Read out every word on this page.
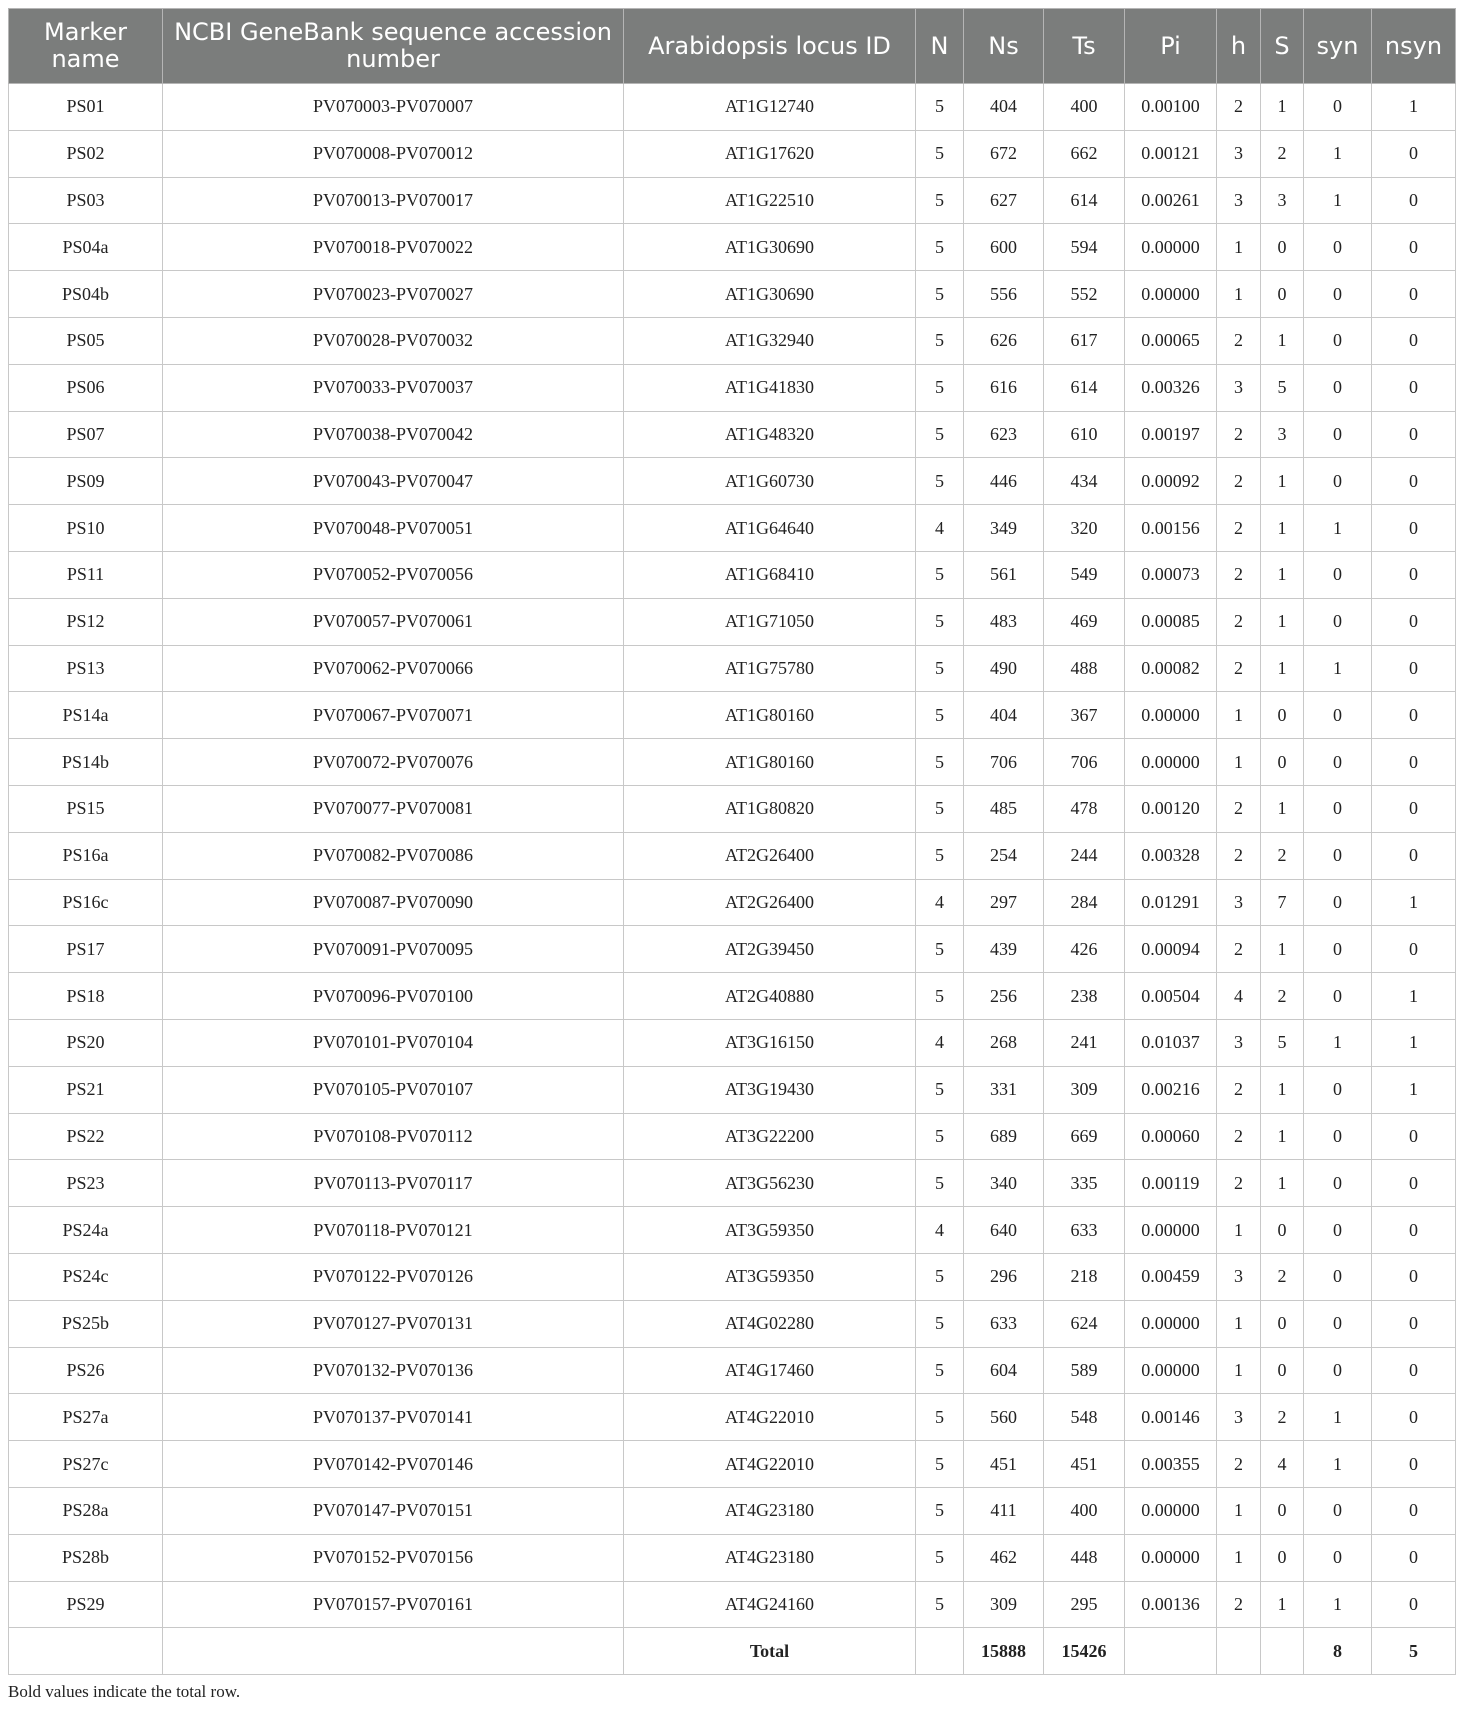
Marker name	NCBI GeneBank sequence accession number	Arabidopsis locus ID	N	Ns	Ts	Pi	h	S	syn	nsyn
PS01	PV070003-PV070007	AT1G12740	5	404	400	0.00100	2	1	0	1
PS02	PV070008-PV070012	AT1G17620	5	672	662	0.00121	3	2	1	0
PS03	PV070013-PV070017	AT1G22510	5	627	614	0.00261	3	3	1	0
PS04a	PV070018-PV070022	AT1G30690	5	600	594	0.00000	1	0	0	0
PS04b	PV070023-PV070027	AT1G30690	5	556	552	0.00000	1	0	0	0
PS05	PV070028-PV070032	AT1G32940	5	626	617	0.00065	2	1	0	0
PS06	PV070033-PV070037	AT1G41830	5	616	614	0.00326	3	5	0	0
PS07	PV070038-PV070042	AT1G48320	5	623	610	0.00197	2	3	0	0
PS09	PV070043-PV070047	AT1G60730	5	446	434	0.00092	2	1	0	0
PS10	PV070048-PV070051	AT1G64640	4	349	320	0.00156	2	1	1	0
PS11	PV070052-PV070056	AT1G68410	5	561	549	0.00073	2	1	0	0
PS12	PV070057-PV070061	AT1G71050	5	483	469	0.00085	2	1	0	0
PS13	PV070062-PV070066	AT1G75780	5	490	488	0.00082	2	1	1	0
PS14a	PV070067-PV070071	AT1G80160	5	404	367	0.00000	1	0	0	0
PS14b	PV070072-PV070076	AT1G80160	5	706	706	0.00000	1	0	0	0
PS15	PV070077-PV070081	AT1G80820	5	485	478	0.00120	2	1	0	0
PS16a	PV070082-PV070086	AT2G26400	5	254	244	0.00328	2	2	0	0
PS16c	PV070087-PV070090	AT2G26400	4	297	284	0.01291	3	7	0	1
PS17	PV070091-PV070095	AT2G39450	5	439	426	0.00094	2	1	0	0
PS18	PV070096-PV070100	AT2G40880	5	256	238	0.00504	4	2	0	1
PS20	PV070101-PV070104	AT3G16150	4	268	241	0.01037	3	5	1	1
PS21	PV070105-PV070107	AT3G19430	5	331	309	0.00216	2	1	0	1
PS22	PV070108-PV070112	AT3G22200	5	689	669	0.00060	2	1	0	0
PS23	PV070113-PV070117	AT3G56230	5	340	335	0.00119	2	1	0	0
PS24a	PV070118-PV070121	AT3G59350	4	640	633	0.00000	1	0	0	0
PS24c	PV070122-PV070126	AT3G59350	5	296	218	0.00459	3	2	0	0
PS25b	PV070127-PV070131	AT4G02280	5	633	624	0.00000	1	0	0	0
PS26	PV070132-PV070136	AT4G17460	5	604	589	0.00000	1	0	0	0
PS27a	PV070137-PV070141	AT4G22010	5	560	548	0.00146	3	2	1	0
PS27c	PV070142-PV070146	AT4G22010	5	451	451	0.00355	2	4	1	0
PS28a	PV070147-PV070151	AT4G23180	5	411	400	0.00000	1	0	0	0
PS28b	PV070152-PV070156	AT4G23180	5	462	448	0.00000	1	0	0	0
PS29	PV070157-PV070161	AT4G24160	5	309	295	0.00136	2	1	1	0
		Total		15888	15426				8	5
Bold values indicate the total row.
